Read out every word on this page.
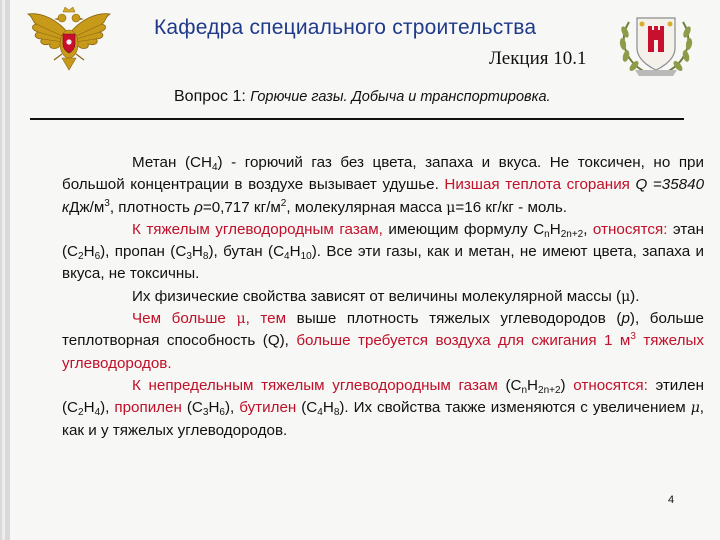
Кафедра специального строительства
Лекция 10.1
Вопрос 1: Горючие газы. Добыча и транспортировка.

Метан $(СН_4)$ - горючий газ без цвета, запаха и вкуса. Не токсичен, но при большой концентрации в воздухе вызывает удушье. Низшая теплота сгорания Q =35840 кДж/$м^3$, плотность ρ=0,717 $кг/м^2$, молекулярная масса μ=16 кг/кг - моль.

К тяжелым углеводородным газам, имеющим формулу $С_nН_{2n+2}$, относятся: этан $(С_2Н_6)$, пропан $(С_3Н_8)$, бутан $(С_4Н_{10})$. Все эти газы, как и метан, не имеют цвета, запаха и вкуса, не токсичны.

Их физические свойства зависят от величины молекулярной массы (μ).

Чем больше μ, тем выше плотность тяжелых углеводородов (р), больше теплотворная способность (Q), больше требуется воздуха для сжигания 1 $м^3$ тяжелых углеводородов.

К непредельным тяжелым углеводородным газам $(С_nН_{2n+2})$ относятся: этилен $(С_2Н_4)$, пропилен $(С_3Н_6)$, бутилен $(С_4Н_8)$. Их свойства также изменяются с увеличением μ, как и у тяжелых углеводородов.

4
